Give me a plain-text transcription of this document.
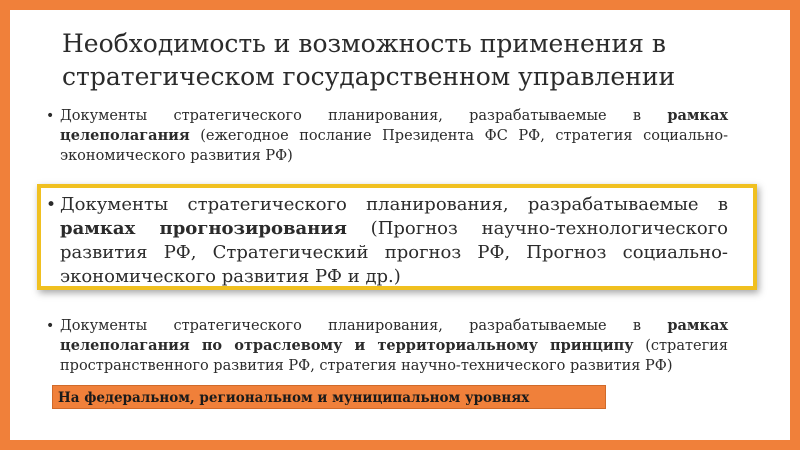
Необходимость и возможность применения в стратегическом государственном управлении
• Документы стратегического планирования, разрабатываемые в рамках целеполагания (ежегодное послание Президента ФС РФ, стратегия социально-экономического развития РФ)
• Документы стратегического планирования, разрабатываемые в рамках прогнозирования (Прогноз научно-технологического развития РФ, Стратегический прогноз РФ, Прогноз социально-экономического развития РФ и др.)
• Документы стратегического планирования, разрабатываемые в рамках целеполагания по отраслевому и территориальному принципу (стратегия пространственного развития РФ, стратегия научно-технического развития РФ)
На федеральном, региональном и муниципальном уровнях
